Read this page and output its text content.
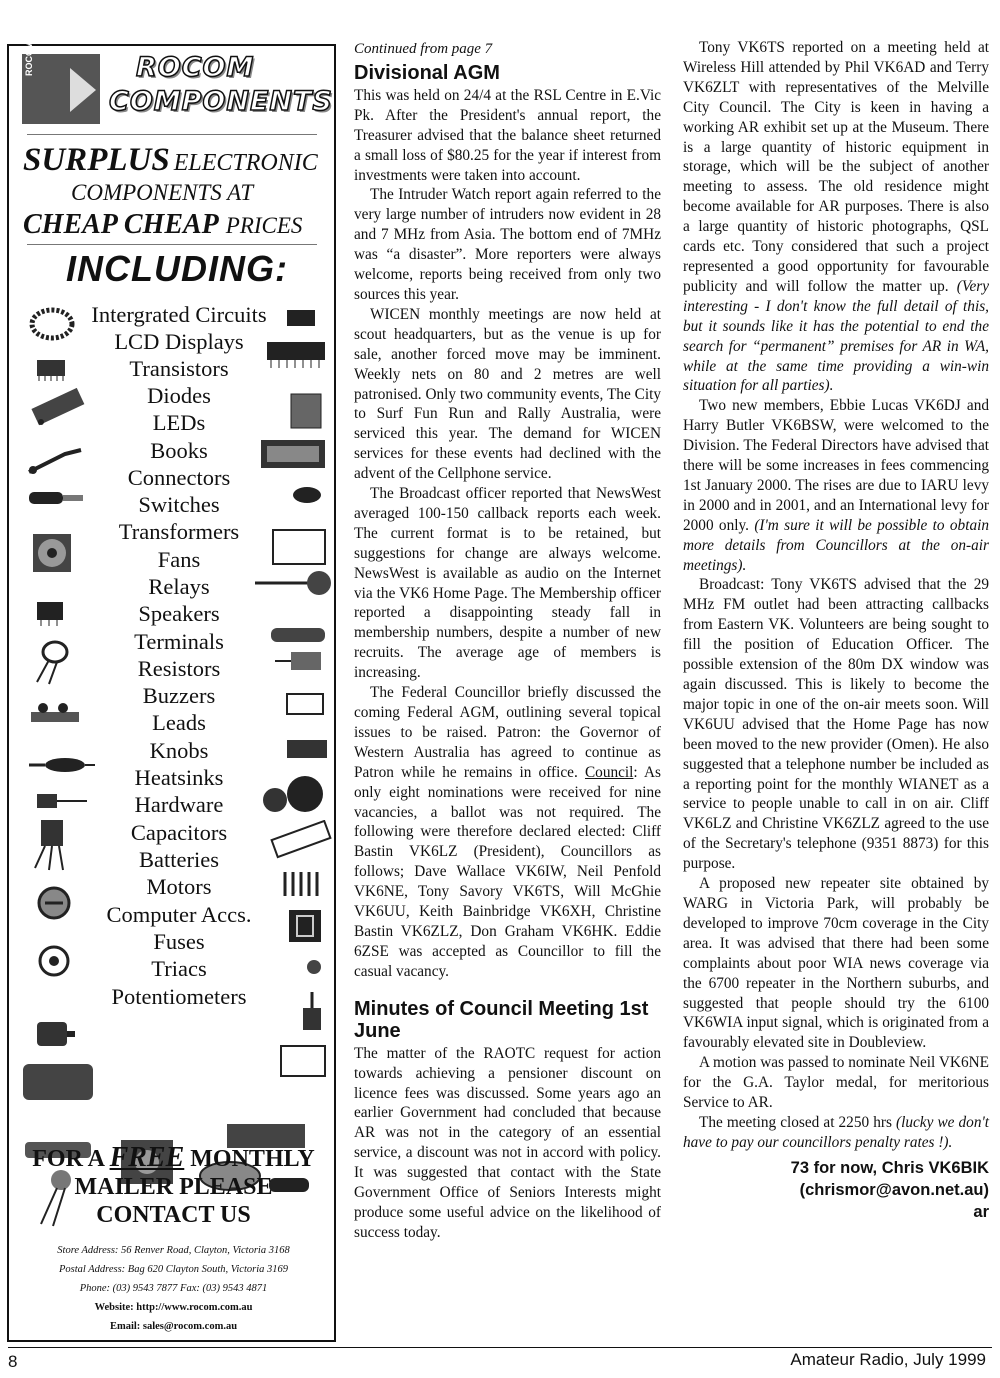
ROCOM	ROCOM
COMPONENTS
SURPLUS ELECTRONIC
COMPONENTS AT
CHEAP CHEAP PRICES
INCLUDING:
Intergrated Circuits
LCD Displays
Transistors
Diodes
LEDs
Books
Connectors
Switches
Transformers
Fans
Relays
Speakers
Terminals
Resistors
Buzzers
Leads
Knobs
Heatsinks
Hardware
Capacitors
Batteries
Motors
Computer Accs.
Fuses
Triacs
Potentiometers
FOR A FREE MONTHLY
MAILER PLEASE
CONTACT US
Store Address: 56 Renver Road, Clayton, Victoria 3168
Postal Address: Bag 620 Clayton South, Victoria 3169
Phone: (03) 9543 7877 Fax: (03) 9543 4871
Website: http://www.rocom.com.au
Email: sales@rocom.com.au

Continued from page 7

Divisional AGM

This was held on 24/4 at the RSL Centre in E.Vic Pk. After the President's annual report, the Treasurer advised that the balance sheet returned a small loss of $80.25 for the year if interest from investments were taken into account.

The Intruder Watch report again referred to the very large number of intruders now evident in 28 and 7 MHz from Asia. The bottom end of 7MHz was “a disaster”. More reporters were always welcome, reports being received from only two sources this year.

WICEN monthly meetings are now held at scout headquarters, but as the venue is up for sale, another forced move may be imminent. Weekly nets on 80 and 2 metres are well patronised. Only two community events, The City to Surf Fun Run and Rally Australia, were serviced this year. The demand for WICEN services for these events had declined with the advent of the Cellphone service.

The Broadcast officer reported that NewsWest averaged 100-150 callback reports each week. The current format is to be retained, but suggestions for change are always welcome. NewsWest is available as audio on the Internet via the VK6 Home Page. The Membership officer reported a disappointing steady fall in membership numbers, despite a number of new recruits. The average age of members is increasing.

The Federal Councillor briefly discussed the coming Federal AGM, outlining several topical issues to be raised. Patron: the Governor of Western Australia has agreed to continue as Patron while he remains in office. Council: As only eight nominations were received for nine vacancies, a ballot was not required. The following were therefore declared elected: Cliff Bastin VK6LZ (President), Councillors as follows; Dave Wallace VK6IW, Neil Penfold VK6NE, Tony Savory VK6TS, Will McGhie VK6UU, Keith Bainbridge VK6XH, Christine Bastin VK6ZLZ, Don Graham VK6HK. Eddie 6ZSE was accepted as Councillor to fill the casual vacancy.

Minutes of Council Meeting 1st June

The matter of the RAOTC request for action towards achieving a pensioner discount on licence fees was discussed. Some years ago an earlier Government had concluded that because AR was not in the category of an essential service, a discount was not in accord with policy. It was suggested that contact with the State Government Office of Seniors Interests might produce some useful advice on the likelihood of success today.

Tony VK6TS reported on a meeting held at Wireless Hill attended by Phil VK6AD and Terry VK6ZLT with representatives of the Melville City Council. The City is keen in having a working AR exhibit set up at the Museum. There is a large quantity of historic equipment in storage, which will be the subject of another meeting to assess. The old residence might become available for AR purposes. There is also a large quantity of historic photographs, QSL cards etc. Tony considered that such a project represented a good opportunity for favourable publicity and will follow the matter up. (Very interesting - I don't know the full detail of this, but it sounds like it has the potential to end the search for “permanent” premises for AR in WA, while at the same time providing a win-win situation for all parties).

Two new members, Ebbie Lucas VK6DJ and Harry Butler VK6BSW, were welcomed to the Division. The Federal Directors have advised that there will be some increases in fees commencing 1st January 2000. The rises are due to IARU levy in 2000 and in 2001, and an International levy for 2000 only. (I'm sure it will be possible to obtain more details from Councillors at the on-air meetings).

Broadcast: Tony VK6TS advised that the 29 MHz FM outlet had been attracting callbacks from Eastern VK. Volunteers are being sought to fill the position of Education Officer. The possible extension of the 80m DX window was again discussed. This is likely to become the major topic in one of the on-air meets soon. Will VK6UU advised that the Home Page has now been moved to the new provider (Omen). He also suggested that a telephone number be included as a reporting point for the monthly WIANET as a service to people unable to call in on air. Cliff VK6LZ and Christine VK6ZLZ agreed to the use of the Secretary's telephone (9351 8873) for this purpose.

A proposed new repeater site obtained by WARG in Victoria Park, will probably be developed to improve 70cm coverage in the City area. It was advised that there had been some complaints about poor WIA news coverage via the 6700 repeater in the Northern suburbs, and suggested that people should try the 6100 VK6WIA input signal, which is originated from a favourably elevated site in Doubleview.

A motion was passed to nominate Neil VK6NE for the G.A. Taylor medal, for meritorious Service to AR.

The meeting closed at 2250 hrs (lucky we don't have to pay our councillors penalty rates !).

73 for now, Chris VK6BIK
(chrismor@avon.net.au)
ar
8	Amateur Radio, July 1999
